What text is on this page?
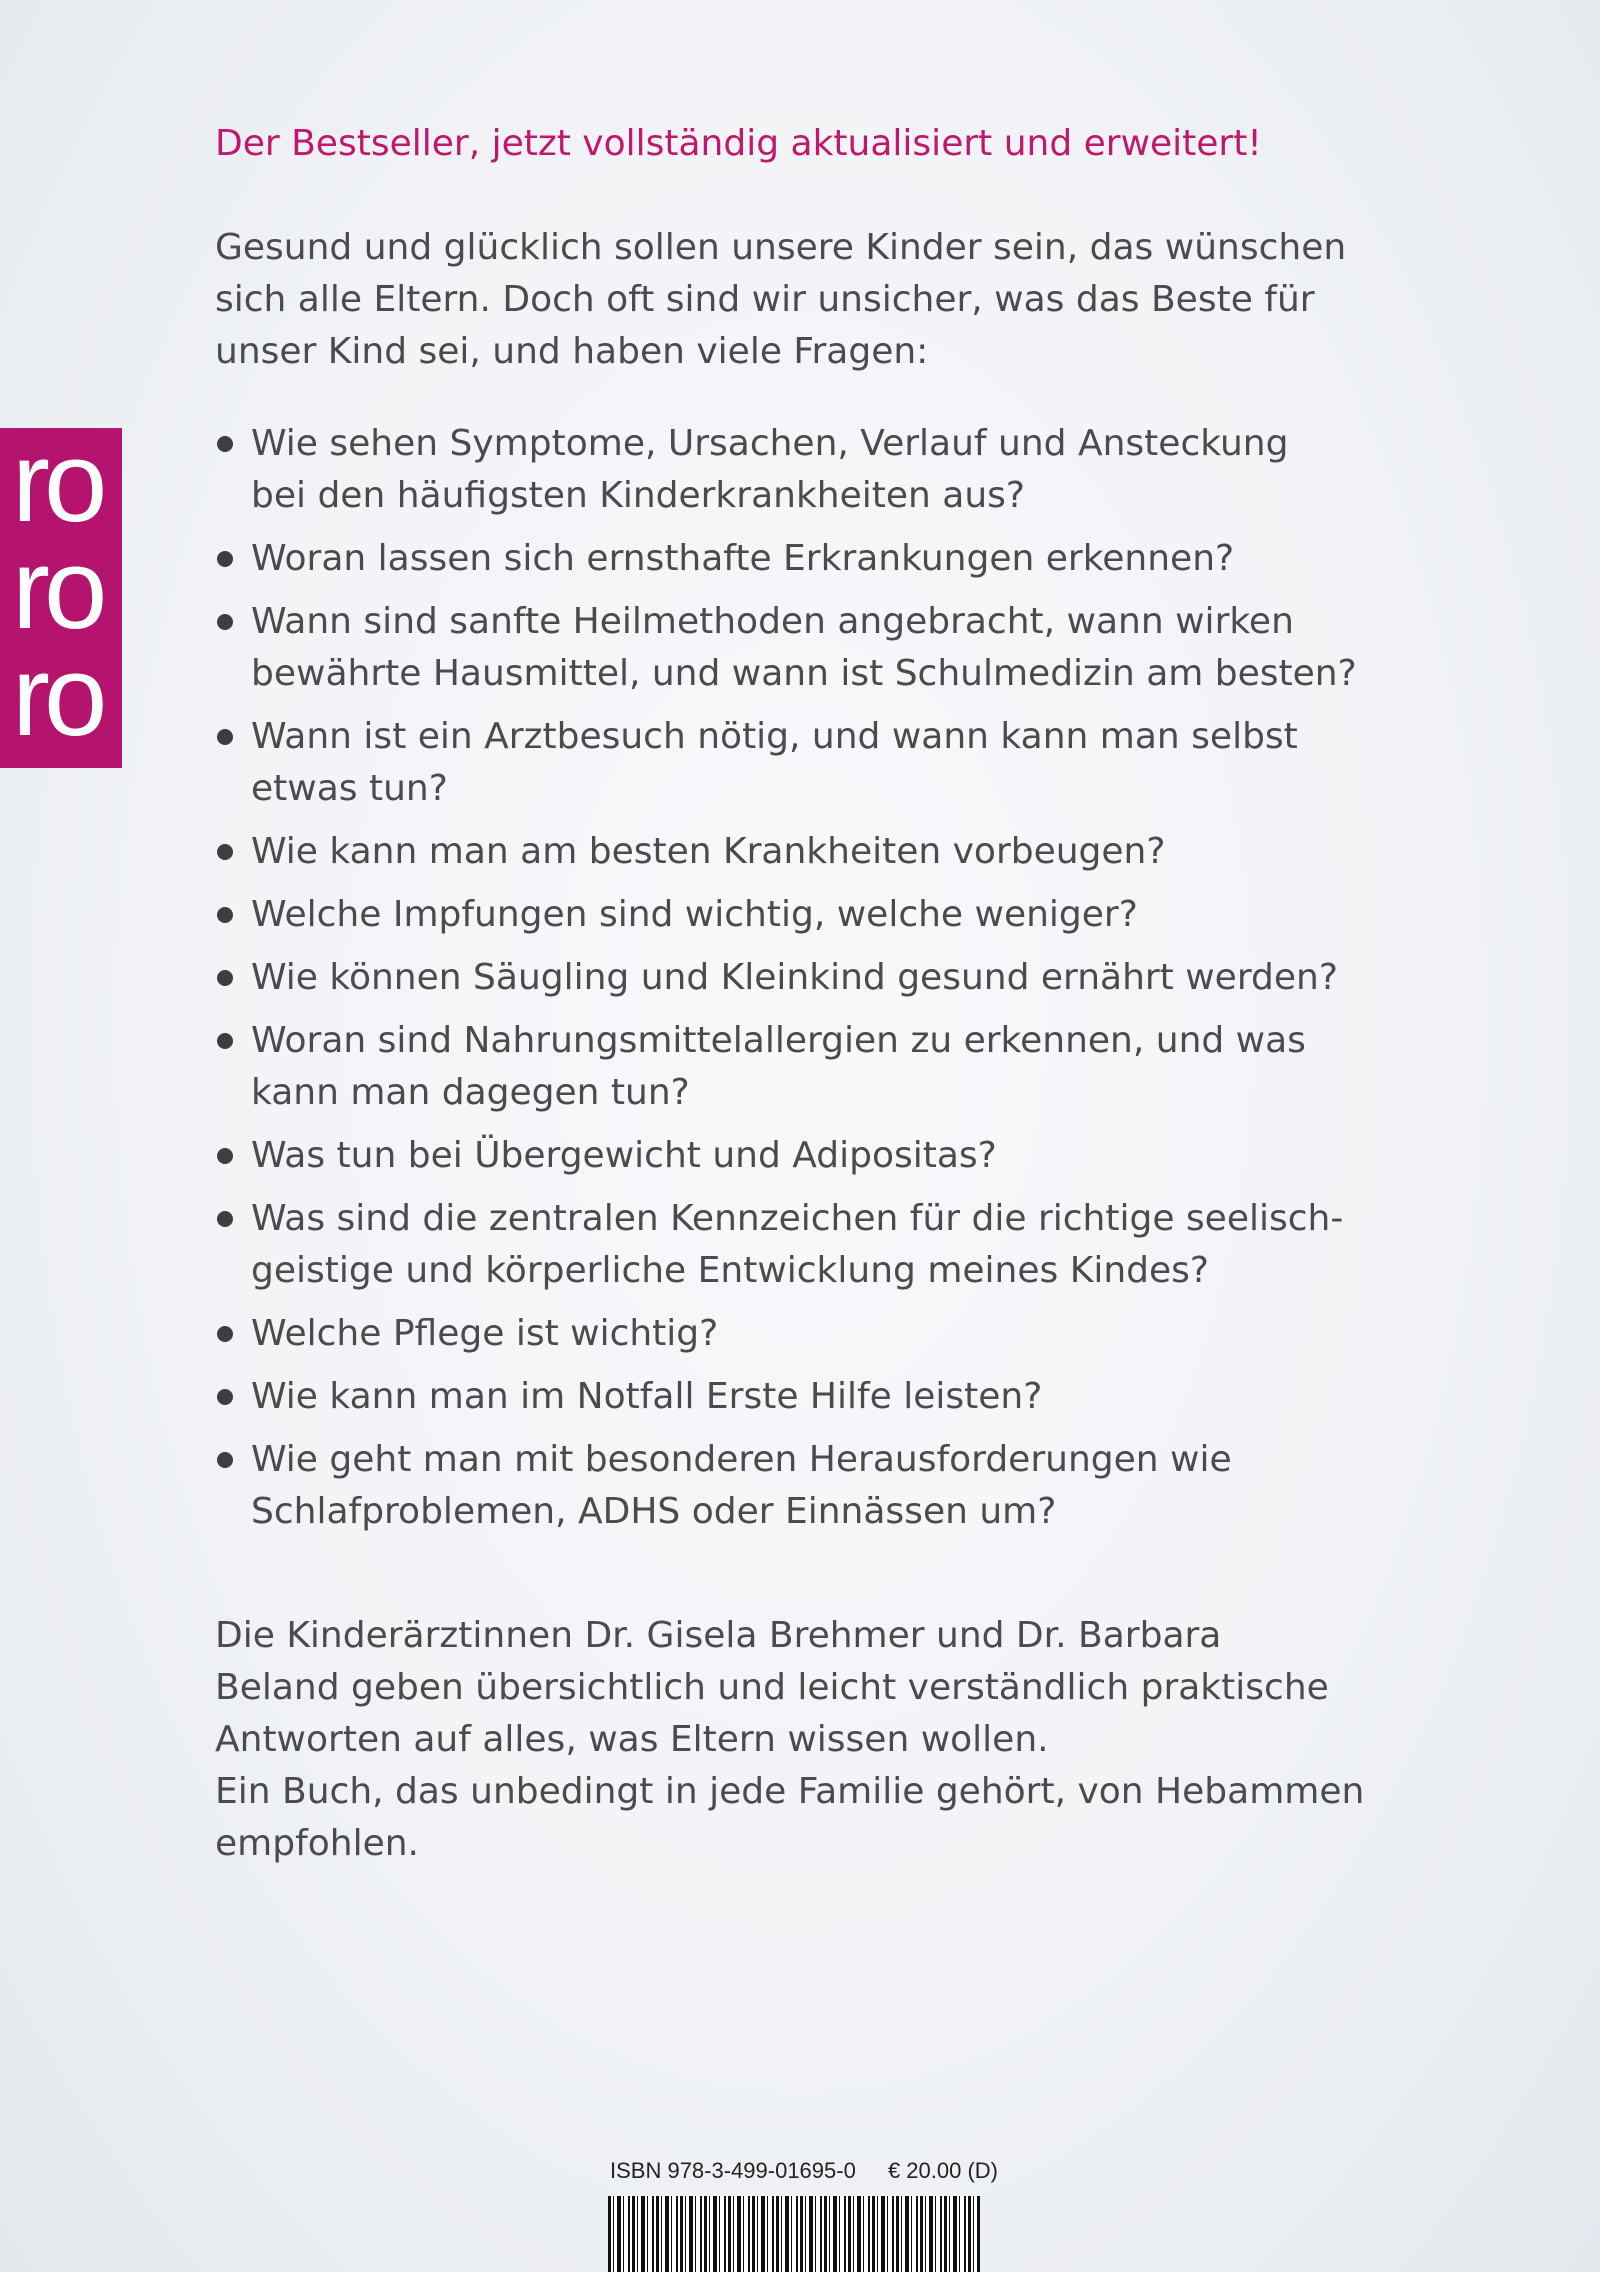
ro
ro
ro
Der Bestseller, jetzt vollständig aktualisiert und erweitert!

Gesund und glücklich sollen unsere Kinder sein, das wünschen
sich alle Eltern. Doch oft sind wir unsicher, was das Beste für
unser Kind sei, und haben viele Fragen:

Wie sehen Symptome, Ursachen, Verlauf und Ansteckung
bei den häufigsten Kinderkrankheiten aus?
Woran lassen sich ernsthafte Erkrankungen erkennen?
Wann sind sanfte Heilmethoden angebracht, wann wirken
bewährte Hausmittel, und wann ist Schulmedizin am besten?
Wann ist ein Arztbesuch nötig, und wann kann man selbst
etwas tun?
Wie kann man am besten Krankheiten vorbeugen?
Welche Impfungen sind wichtig, welche weniger?
Wie können Säugling und Kleinkind gesund ernährt werden?
Woran sind Nahrungsmittelallergien zu erkennen, und was
kann man dagegen tun?
Was tun bei Übergewicht und Adipositas?
Was sind die zentralen Kennzeichen für die richtige seelisch-
geistige und körperliche Entwicklung meines Kindes?
Welche Pflege ist wichtig?
Wie kann man im Notfall Erste Hilfe leisten?
Wie geht man mit besonderen Herausforderungen wie
Schlafproblemen, ADHS oder Einnässen um?

Die Kinderärztinnen Dr. Gisela Brehmer und Dr. Barbara
Beland geben übersichtlich und leicht verständlich praktische
Antworten auf alles, was Eltern wissen wollen.
Ein Buch, das unbedingt in jede Familie gehört, von Hebammen
empfohlen.

ISBN 978-3-499-01695-0 € 20.00 (D)
